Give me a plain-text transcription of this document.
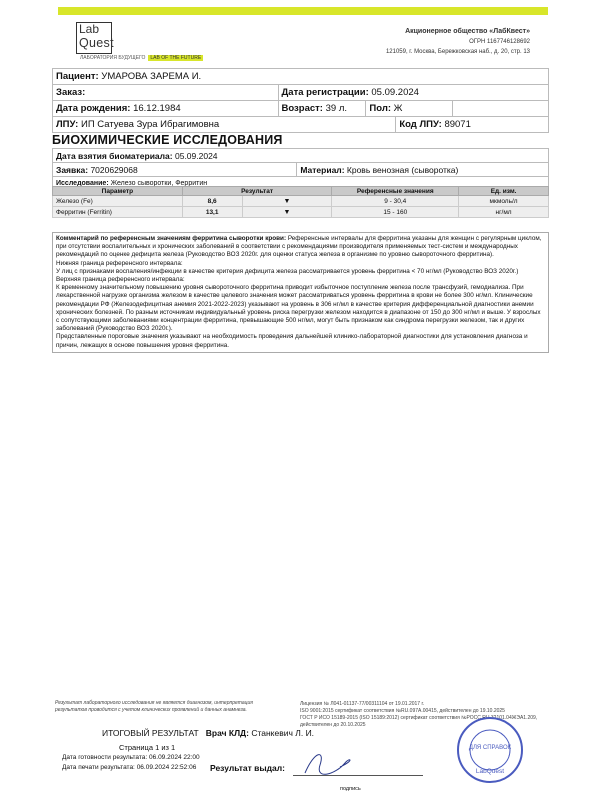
Lab
Quest
ЛАБОРАТОРИЯ БУДУЩЕГО	LAB OF THE FUTURE
Акционерное общество «ЛабКвест»
ОГРН 1167746128692
121059, г. Москва, Бережковская наб., д. 20, стр. 13
Пациент: УМАРОВА ЗАРЕМА И.				
Заказ:	Дата регистрации: 05.09.2024			
Дата рождения: 16.12.1984	Возраст: 39 л.	Пол: Ж		
ЛПУ: ИП Сатуева Зура Ибрагимовна			Код ЛПУ: 89071	
БИОХИМИЧЕСКИЕ ИССЛЕДОВАНИЯ
Дата взятия биоматериала: 05.09.2024
Заявка: 7020629068	Материал: Кровь венозная (сыворотка)
Исследование: Железо сыворотки, Ферритин
Параметр	Результат		Референсные значения	Ед. изм.
Железо (Fe)	8,6	▼	9 - 30,4	мкмоль/л
Ферритин (Ferritin)	13,1	▼	15 - 160	нг/мл

Комментарий по референсным значениям ферритина сыворотки крови: Референсные интервалы для ферритина указаны для женщин с регулярным циклом, при отсутствии воспалительных и хронических заболеваний в соответствии с рекомендациями производителя применяемых тест-систем и международных рекомендаций по оценке дефицита железа (Руководство ВОЗ 2020г. для оценки статуса железа в организме по уровню сывороточного ферритина).

Нижняя граница референсного интервала:

У лиц с признаками воспаления/инфекции в качестве критерия дефицита железа рассматривается уровень ферритина < 70 нг/мл (Руководство ВОЗ 2020г.)

Верхняя граница референсного интервала:

К временному значительному повышению уровня сывороточного ферритина приводит избыточное поступление железа после трансфузий, гемодиализа. При лекарственной нагрузке организма железом в качестве целевого значения может рассматриваться уровень ферритина в крови не более 300 нг/мл. Клинические рекомендации РФ (Железодефицитная анемия 2021-2022-2023) указывают на уровень в 306 нг/мл в качестве критерия дифференциальной диагностики анемии хронических болезней. По разным источникам индивидуальный уровень риска перегрузки железом находится в диапазоне от 150 до 300 нг/мл и выше. У взрослых с сопутствующими заболеваниями концентрации ферритина, превышающие 500 нг/мл, могут быть признаком как синдрома перегрузки железом, так и других заболеваний (Руководство ВОЗ 2020г.).

Представленные пороговые значения указывают на необходимость проведения дальнейшей клинико-лабораторной диагностики для установления диагноза и причин, лежащих в основе повышения уровня ферритина.

Результат лабораторного исследования не является диагнозом, интерпретация результатов проводится с учетом клинических проявлений и данных анамнеза.
Лицензия № Л041-01137-77/00311104 от 19.01.2017 г.
ISO 9001:2015 сертификат соответствия №RU.097А.00415, действителен до 19.10.2025
ГОСТ Р ИСО 15189-2015 (ISO 15189:2012) сертификат соответствия №РОСС RU.32101.04ЖЭА1.209, действителен до 20.10.2025
ИТОГОВЫЙ РЕЗУЛЬТАТ Врач КЛД: Станкевич Л. И.
Страница 1 из 1
Дата готовности результата: 06.09.2024 22:00
Дата печати результата: 06.09.2024 22:52:06	Результат выдал:
подпись
ДЛЯ СПРАВОК
LabQuest
